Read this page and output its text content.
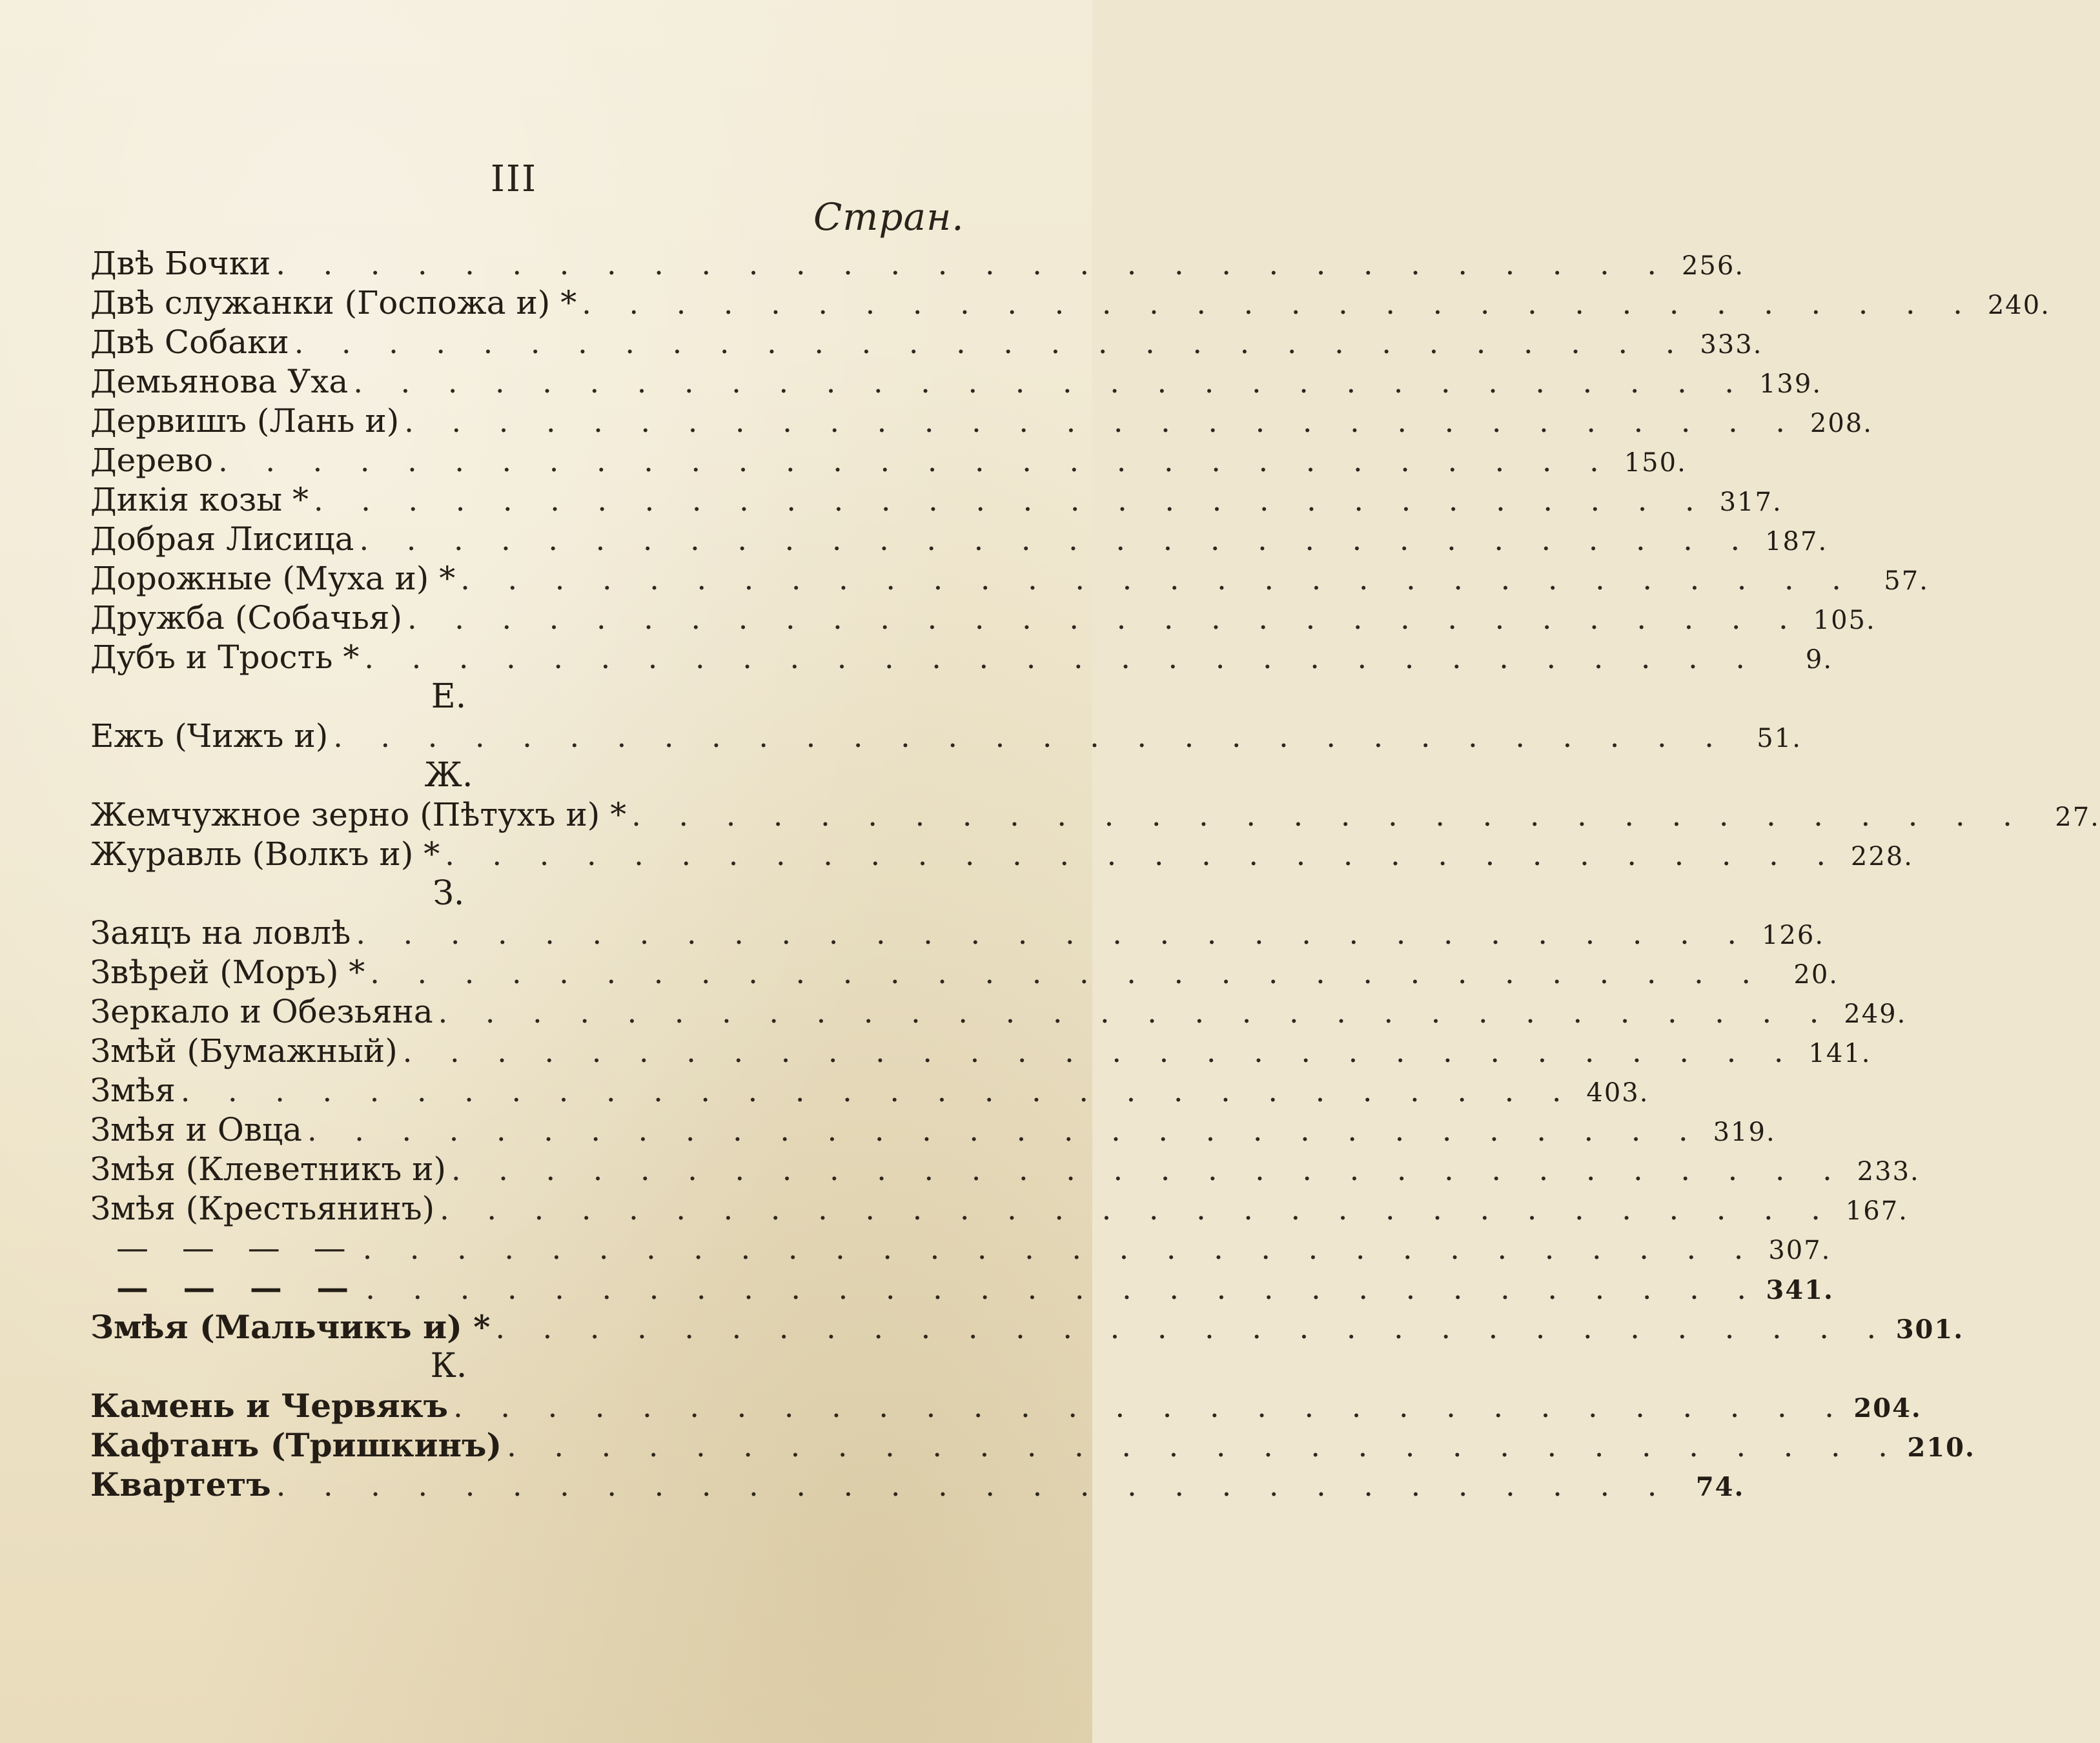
III
Стран.
Двѣ Бочки . . . . . . . . . . . . . . . . . . . . . . . . . . . . . . 256.
Двѣ служанки (Госпожа и) * . . . . . . . . . . . . . . . . . . . . . . . . . . . . . . 240.
Двѣ Собаки . . . . . . . . . . . . . . . . . . . . . . . . . . . . . . 333.
Демьянова Уха . . . . . . . . . . . . . . . . . . . . . . . . . . . . . . 139.
Дервишъ (Лань и) . . . . . . . . . . . . . . . . . . . . . . . . . . . . . . 208.
Дерево . . . . . . . . . . . . . . . . . . . . . . . . . . . . . . 150.
Дикія козы * . . . . . . . . . . . . . . . . . . . . . . . . . . . . . . 317.
Добрая Лисица . . . . . . . . . . . . . . . . . . . . . . . . . . . . . . 187.
Дорожные (Муха и) * . . . . . . . . . . . . . . . . . . . . . . . . . . . . . .	57.
Дружба (Собачья) . . . . . . . . . . . . . . . . . . . . . . . . . . . . . . 105.
Дубъ и Трость * . . . . . . . . . . . . . . . . . . . . . . . . . . . . . .	9.
Е.
Ежъ (Чижъ и) . . . . . . . . . . . . . . . . . . . . . . . . . . . . . .	51.
Ж.
Жемчужное зерно (Пѣтухъ и) * . . . . . . . . . . . . . . . . . . . . . . . . . . . . . .	27.
Журавль (Волкъ и) * . . . . . . . . . . . . . . . . . . . . . . . . . . . . . . 228.
З.
Заяцъ на ловлѣ . . . . . . . . . . . . . . . . . . . . . . . . . . . . . . 126.
Звѣрей (Моръ) * . . . . . . . . . . . . . . . . . . . . . . . . . . . . . .	20.
Зеркало и Обезьяна . . . . . . . . . . . . . . . . . . . . . . . . . . . . . . 249.
Змѣй (Бумажный) . . . . . . . . . . . . . . . . . . . . . . . . . . . . . . 141.
Змѣя . . . . . . . . . . . . . . . . . . . . . . . . . . . . . . 403.
Змѣя и Овца . . . . . . . . . . . . . . . . . . . . . . . . . . . . . . 319.
Змѣя (Клеветникъ и) . . . . . . . . . . . . . . . . . . . . . . . . . . . . . . 233.
Змѣя (Крестьянинъ) . . . . . . . . . . . . . . . . . . . . . . . . . . . . . . 167.
— — — — . . . . . . . . . . . . . . . . . . . . . . . . . . . . . . 307.
— — — — . . . . . . . . . . . . . . . . . . . . . . . . . . . . . . 341.
Змѣя (Мальчикъ и) * . . . . . . . . . . . . . . . . . . . . . . . . . . . . . . 301.
К.
Камень и Червякъ . . . . . . . . . . . . . . . . . . . . . . . . . . . . . . 204.
Кафтанъ (Тришкинъ) . . . . . . . . . . . . . . . . . . . . . . . . . . . . . . 210.
Квартетъ . . . . . . . . . . . . . . . . . . . . . . . . . . . . . . 74.
